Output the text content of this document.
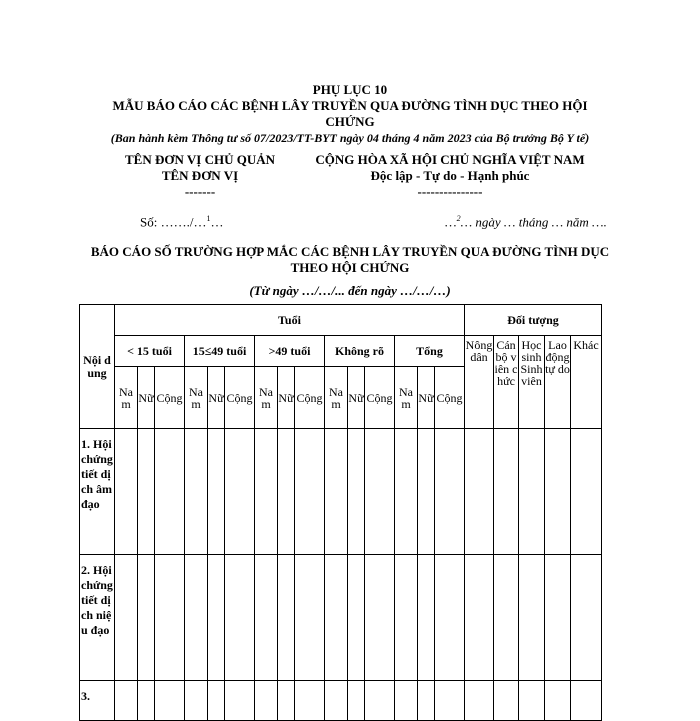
PHỤ LỤC 10
MẪU BÁO CÁO CÁC BỆNH LÂY TRUYỀN QUA ĐƯỜNG TÌNH DỤC THEO HỘI CHỨNG
(Ban hành kèm Thông tư số 07/2023/TT-BYT ngày 04 tháng 4 năm 2023 của Bộ trưởng Bộ Y tế)
TÊN ĐƠN VỊ CHỦ QUẢN
TÊN ĐƠN VỊ
-------
CỘNG HÒA XÃ HỘI CHỦ NGHĨA VIỆT NAM
Độc lập - Tự do - Hạnh phúc
---------------
Số: ……./…$^1$…	…$^2$… ngày … tháng … năm ….
BÁO CÁO SỐ TRƯỜNG HỢP MẮC CÁC BỆNH LÂY TRUYỀN QUA ĐƯỜNG TÌNH DỤC THEO HỘI CHỨNG
(Từ ngày …/…/... đến ngày …/…/…)
Nội dung	Tuổi															Đối tượng				
	< 15 tuổi			15≤49 tuổi			>49 tuổi			Không rõ			Tổng			Nông dân	Cán bộ viên chức	Học sinh Sinh viên	Lao động tự do	Khác
	Nam	Nữ	Cộng	Nam	Nữ	Cộng	Nam	Nữ	Cộng	Nam	Nữ	Cộng	Nam	Nữ	Cộng					
1. Hội chứng tiết dịch âm đạo																				
2. Hội chứng tiết dịch niệu đạo																				
3.																				
